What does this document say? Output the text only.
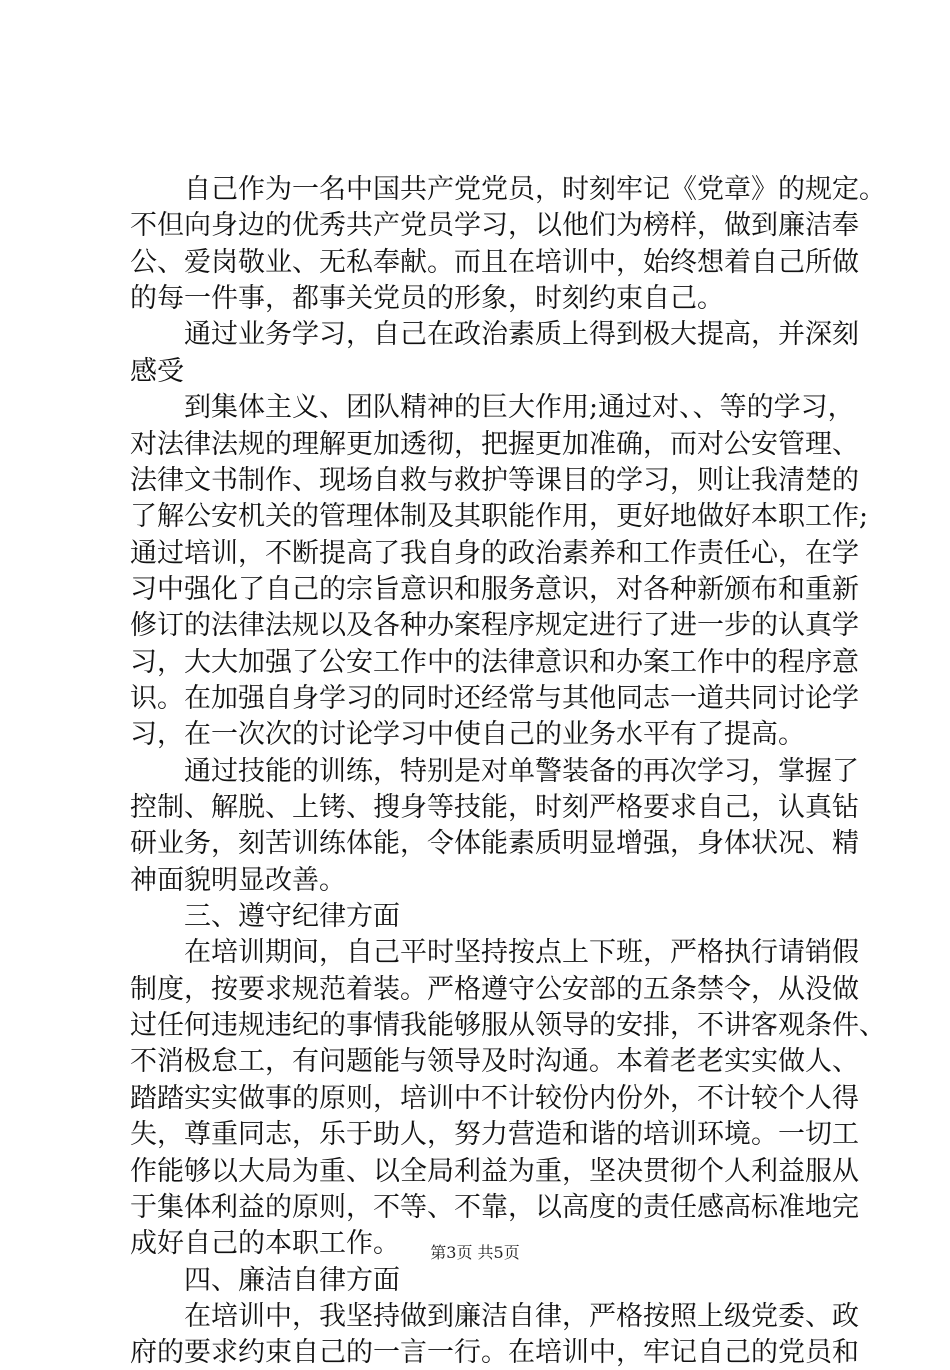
　　自己作为一名中国共产党党员，时刻牢记《党章》的规定。
不但向身边的优秀共产党员学习，以他们为榜样，做到廉洁奉
公、爱岗敬业、无私奉献。而且在培训中，始终想着自己所做
的每一件事，都事关党员的形象，时刻约束自己。
　　通过业务学习，自己在政治素质上得到极大提高，并深刻
感受
　　到集体主义、团队精神的巨大作用;通过对、、等的学习，
对法律法规的理解更加透彻，把握更加准确，而对公安管理、
法律文书制作、现场自救与救护等课目的学习，则让我清楚的
了解公安机关的管理体制及其职能作用，更好地做好本职工作;
通过培训，不断提高了我自身的政治素养和工作责任心，在学
习中强化了自己的宗旨意识和服务意识，对各种新颁布和重新
修订的法律法规以及各种办案程序规定进行了进一步的认真学
习，大大加强了公安工作中的法律意识和办案工作中的程序意
识。在加强自身学习的同时还经常与其他同志一道共同讨论学
习，在一次次的讨论学习中使自己的业务水平有了提高。
　　通过技能的训练，特别是对单警装备的再次学习，掌握了
控制、解脱、上铐、搜身等技能，时刻严格要求自己，认真钻
研业务，刻苦训练体能，令体能素质明显增强，身体状况、精
神面貌明显改善。
　　三、遵守纪律方面
　　在培训期间，自己平时坚持按点上下班，严格执行请销假
制度，按要求规范着装。严格遵守公安部的五条禁令，从没做
过任何违规违纪的事情我能够服从领导的安排，不讲客观条件、
不消极怠工，有问题能与领导及时沟通。本着老老实实做人、
踏踏实实做事的原则，培训中不计较份内份外，不计较个人得
失，尊重同志，乐于助人，努力营造和谐的培训环境。一切工
作能够以大局为重、以全局利益为重，坚决贯彻个人利益服从
于集体利益的原则，不等、不靠，以高度的责任感高标准地完
成好自己的本职工作。
　　四、廉洁自律方面
　　在培训中，我坚持做到廉洁自律，严格按照上级党委、政
府的要求约束自己的一言一行。在培训中，牢记自己的党员和
第3页 共5页
